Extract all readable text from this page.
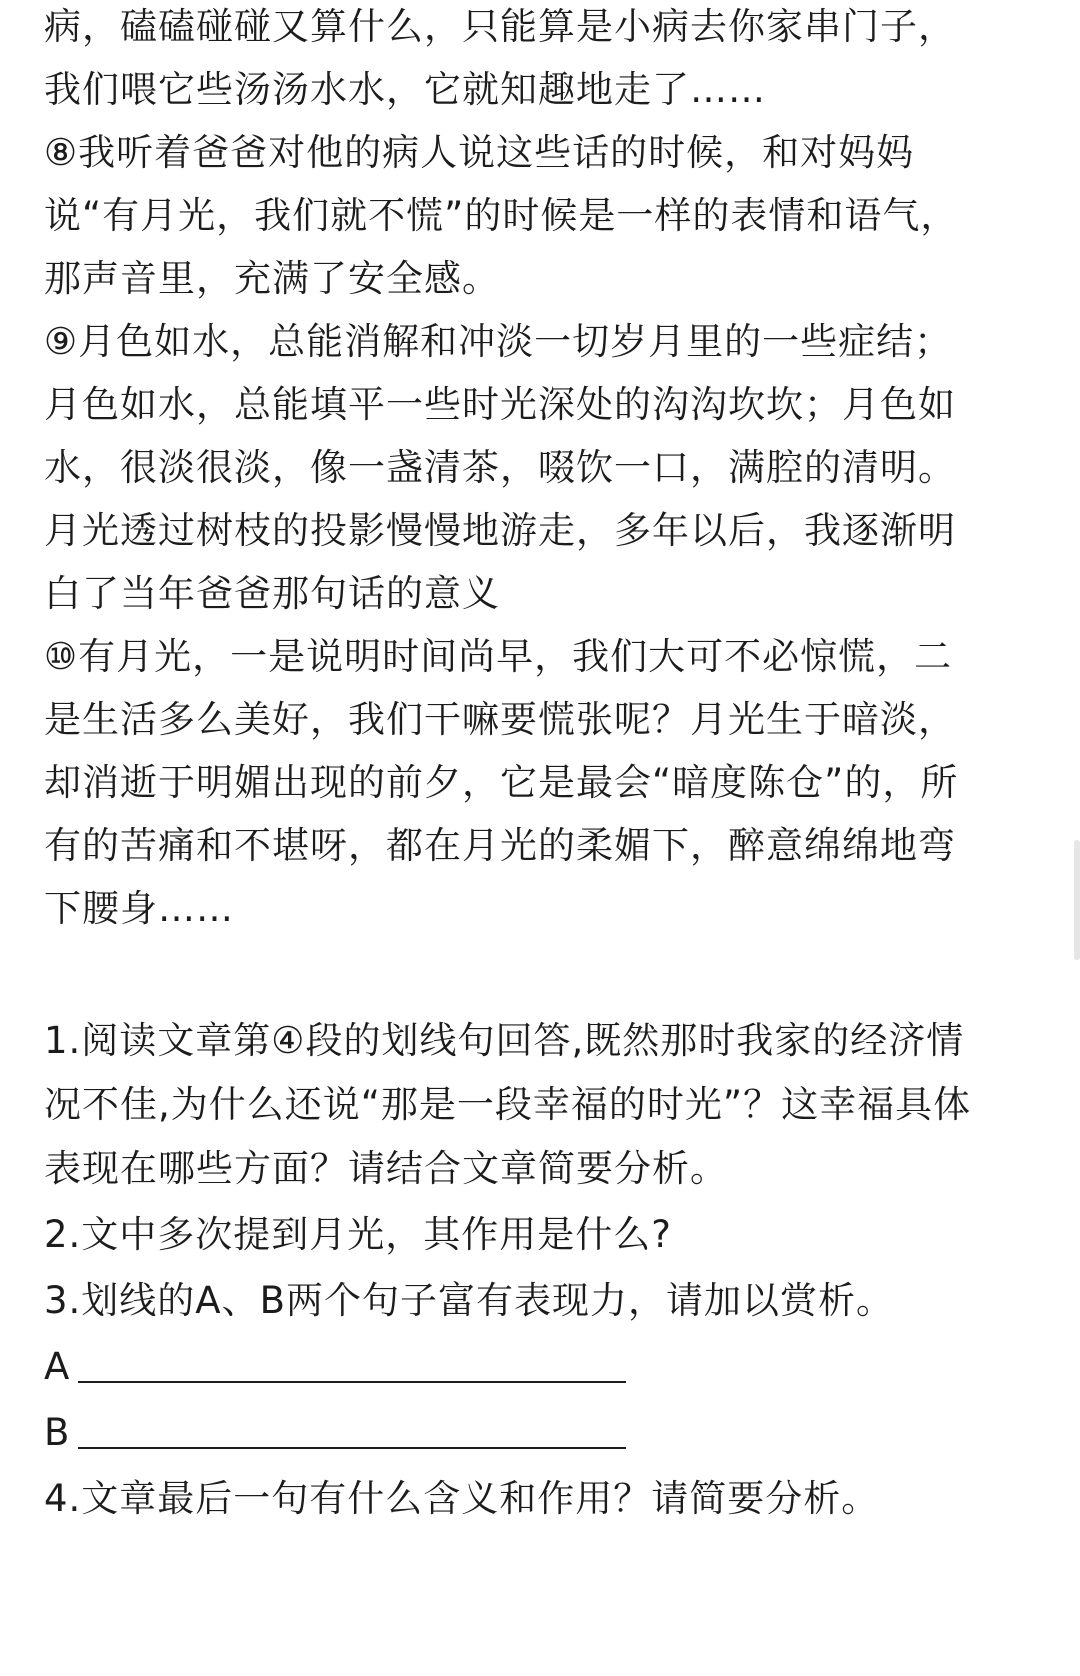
病，磕磕碰碰又算什么，只能算是小病去你家串门子，
我们喂它些汤汤水水，它就知趣地走了……
⑧我听着爸爸对他的病人说这些话的时候，和对妈妈
说“有月光，我们就不慌”的时候是一样的表情和语气，
那声音里，充满了安全感。
⑨月色如水，总能消解和冲淡一切岁月里的一些症结；
月色如水，总能填平一些时光深处的沟沟坎坎；月色如
水，很淡很淡，像一盏清茶，啜饮一口，满腔的清明。
月光透过树枝的投影慢慢地游走，多年以后，我逐渐明
白了当年爸爸那句话的意义
⑩有月光，一是说明时间尚早，我们大可不必惊慌，二
是生活多么美好，我们干嘛要慌张呢？月光生于暗淡，
却消逝于明媚出现的前夕，它是最会“暗度陈仓”的，所
有的苦痛和不堪呀，都在月光的柔媚下，醉意绵绵地弯
下腰身……
1.阅读文章第④段的划线句回答,既然那时我家的经济情
况不佳,为什么还说“那是一段幸福的时光”？这幸福具体
表现在哪些方面？请结合文章简要分析。
2.文中多次提到月光，其作用是什么?
3.划线的A、B两个句子富有表现力，请加以赏析。
A
B
4.文章最后一句有什么含义和作用？请简要分析。
